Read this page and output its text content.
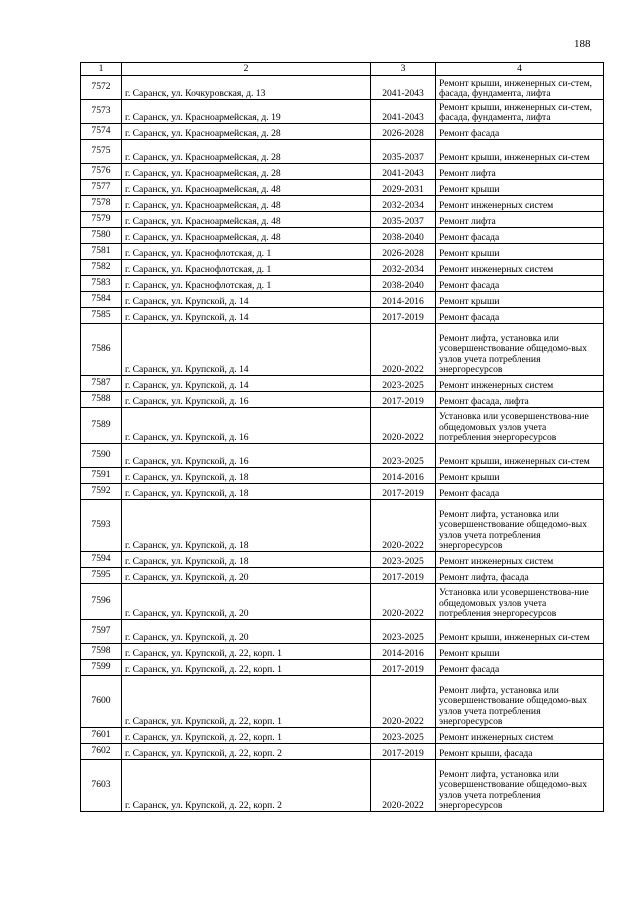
188
1	2	3	4
7572	г. Саранск, ул. Кочкуровская, д. 13	2041-2043	Ремонт крыши, инженерных си-стем, фасада, фундамента, лифта
7573	г. Саранск, ул. Красноармейская, д. 19	2041-2043	Ремонт крыши, инженерных си-стем, фасада, фундамента, лифта
7574	г. Саранск, ул. Красноармейская, д. 28	2026-2028	Ремонт фасада
7575	г. Саранск, ул. Красноармейская, д. 28	2035-2037	Ремонт крыши, инженерных си-стем
7576	г. Саранск, ул. Красноармейская, д. 28	2041-2043	Ремонт лифта
7577	г. Саранск, ул. Красноармейская, д. 48	2029-2031	Ремонт крыши
7578	г. Саранск, ул. Красноармейская, д. 48	2032-2034	Ремонт инженерных систем
7579	г. Саранск, ул. Красноармейская, д. 48	2035-2037	Ремонт лифта
7580	г. Саранск, ул. Красноармейская, д. 48	2038-2040	Ремонт фасада
7581	г. Саранск, ул. Краснофлотская, д. 1	2026-2028	Ремонт крыши
7582	г. Саранск, ул. Краснофлотская, д. 1	2032-2034	Ремонт инженерных систем
7583	г. Саранск, ул. Краснофлотская, д. 1	2038-2040	Ремонт фасада
7584	г. Саранск, ул. Крупской, д. 14	2014-2016	Ремонт крыши
7585	г. Саранск, ул. Крупской, д. 14	2017-2019	Ремонт фасада
7586	г. Саранск, ул. Крупской, д. 14	2020-2022	Ремонт лифта, установка или усовершенствование общедомо-вых узлов учета потребления энергоресурсов
7587	г. Саранск, ул. Крупской, д. 14	2023-2025	Ремонт инженерных систем
7588	г. Саранск, ул. Крупской, д. 16	2017-2019	Ремонт фасада, лифта
7589	г. Саранск, ул. Крупской, д. 16	2020-2022	Установка или усовершенствова-ние общедомовых узлов учета потребления энергоресурсов
7590	г. Саранск, ул. Крупской, д. 16	2023-2025	Ремонт крыши, инженерных си-стем
7591	г. Саранск, ул. Крупской, д. 18	2014-2016	Ремонт крыши
7592	г. Саранск, ул. Крупской, д. 18	2017-2019	Ремонт фасада
7593	г. Саранск, ул. Крупской, д. 18	2020-2022	Ремонт лифта, установка или усовершенствование общедомо-вых узлов учета потребления энергоресурсов
7594	г. Саранск, ул. Крупской, д. 18	2023-2025	Ремонт инженерных систем
7595	г. Саранск, ул. Крупской, д. 20	2017-2019	Ремонт лифта, фасада
7596	г. Саранск, ул. Крупской, д. 20	2020-2022	Установка или усовершенствова-ние общедомовых узлов учета потребления энергоресурсов
7597	г. Саранск, ул. Крупской, д. 20	2023-2025	Ремонт крыши, инженерных си-стем
7598	г. Саранск, ул. Крупской, д. 22, корп. 1	2014-2016	Ремонт крыши
7599	г. Саранск, ул. Крупской, д. 22, корп. 1	2017-2019	Ремонт фасада
7600	г. Саранск, ул. Крупской, д. 22, корп. 1	2020-2022	Ремонт лифта, установка или усовершенствование общедомо-вых узлов учета потребления энергоресурсов
7601	г. Саранск, ул. Крупской, д. 22, корп. 1	2023-2025	Ремонт инженерных систем
7602	г. Саранск, ул. Крупской, д. 22, корп. 2	2017-2019	Ремонт крыши, фасада
7603	г. Саранск, ул. Крупской, д. 22, корп. 2	2020-2022	Ремонт лифта, установка или усовершенствование общедомо-вых узлов учета потребления энергоресурсов
